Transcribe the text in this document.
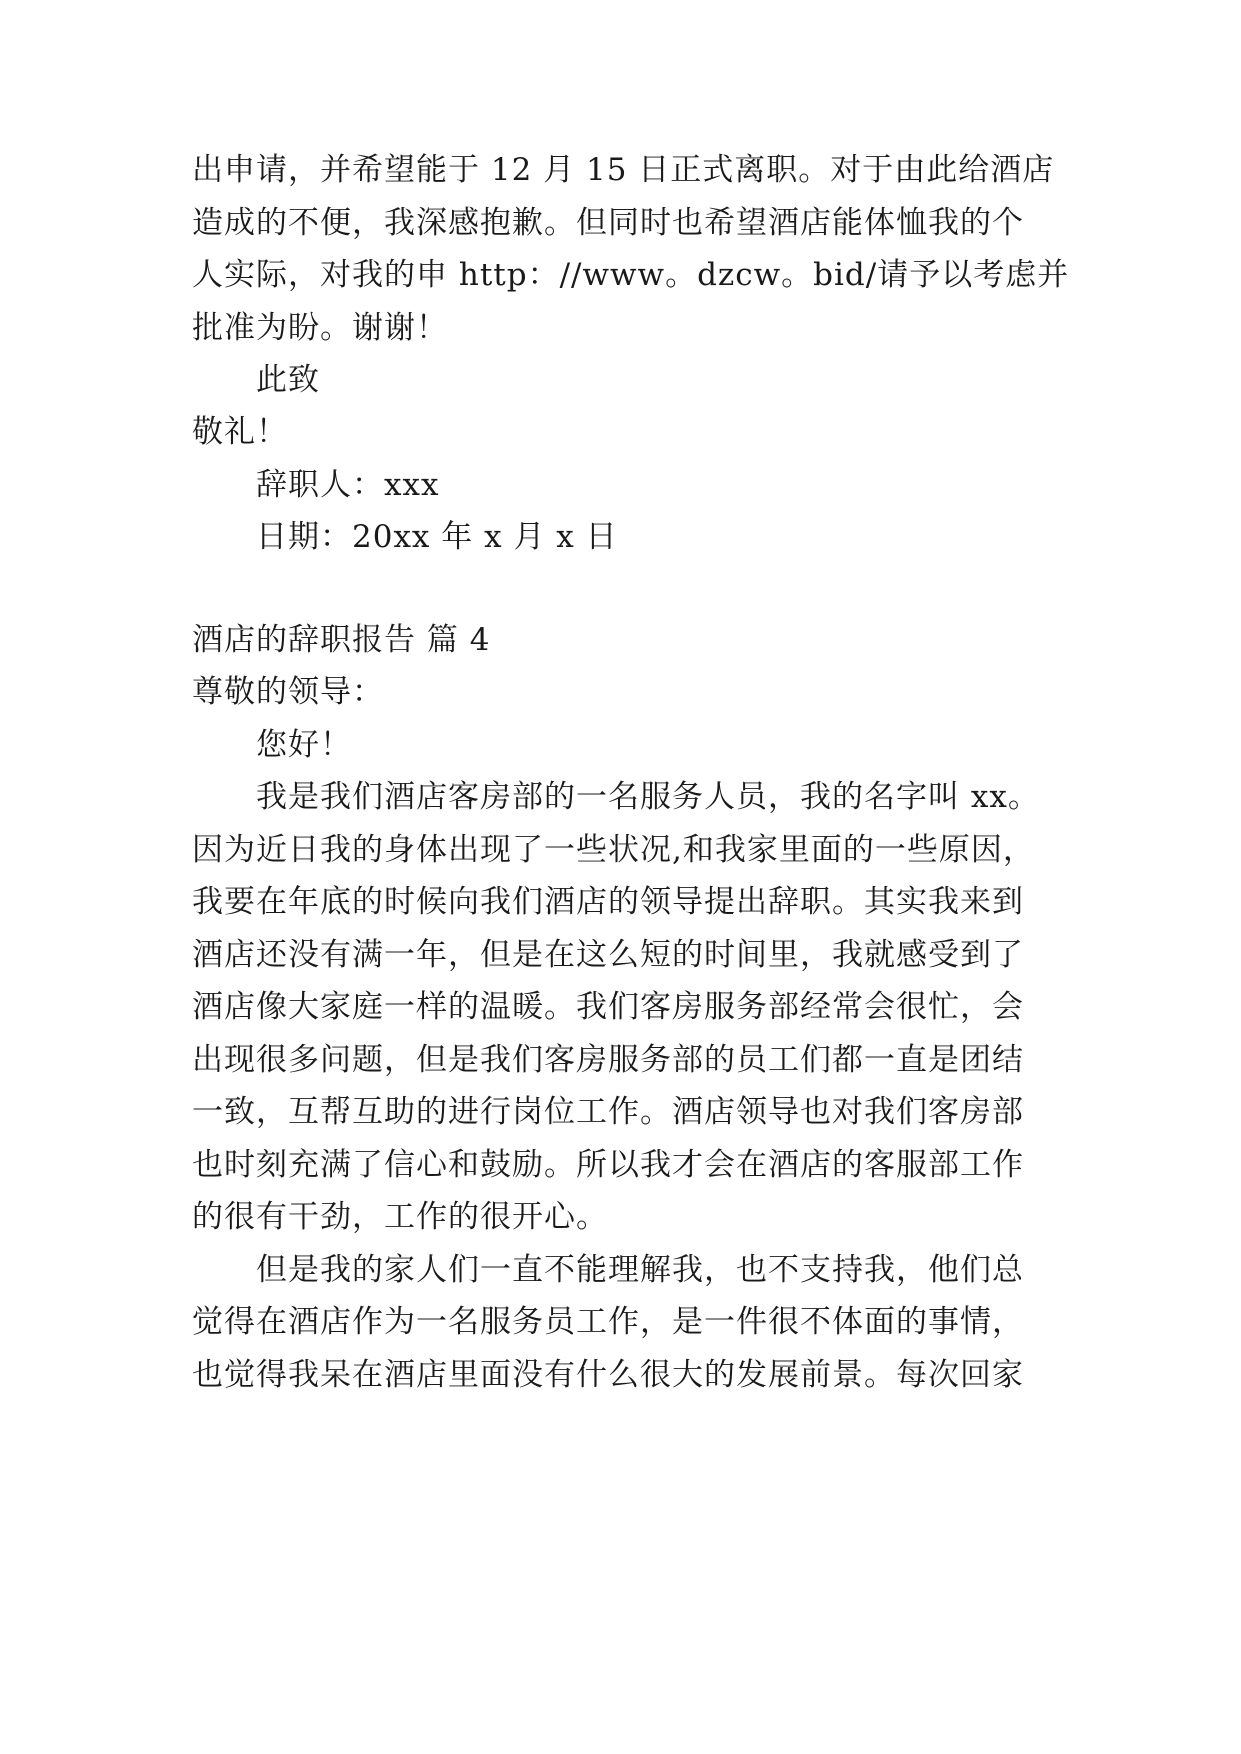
出申请，并希望能于 12 月 15 日正式离职。对于由此给酒店
造成的不便，我深感抱歉。但同时也希望酒店能体恤我的个
人实际，对我的申 http：//www。dzcw。bid/请予以考虑并
批准为盼。谢谢！
此致
敬礼！
辞职人：xxx
日期：20xx 年 x 月 x 日
酒店的辞职报告 篇 4
尊敬的领导：
您好！
我是我们酒店客房部的一名服务人员，我的名字叫 xx。
因为近日我的身体出现了一些状况,和我家里面的一些原因，
我要在年底的时候向我们酒店的领导提出辞职。其实我来到
酒店还没有满一年，但是在这么短的时间里，我就感受到了
酒店像大家庭一样的温暖。我们客房服务部经常会很忙，会
出现很多问题，但是我们客房服务部的员工们都一直是团结
一致，互帮互助的进行岗位工作。酒店领导也对我们客房部
也时刻充满了信心和鼓励。所以我才会在酒店的客服部工作
的很有干劲，工作的很开心。
但是我的家人们一直不能理解我，也不支持我，他们总
觉得在酒店作为一名服务员工作，是一件很不体面的事情，
也觉得我呆在酒店里面没有什么很大的发展前景。每次回家
